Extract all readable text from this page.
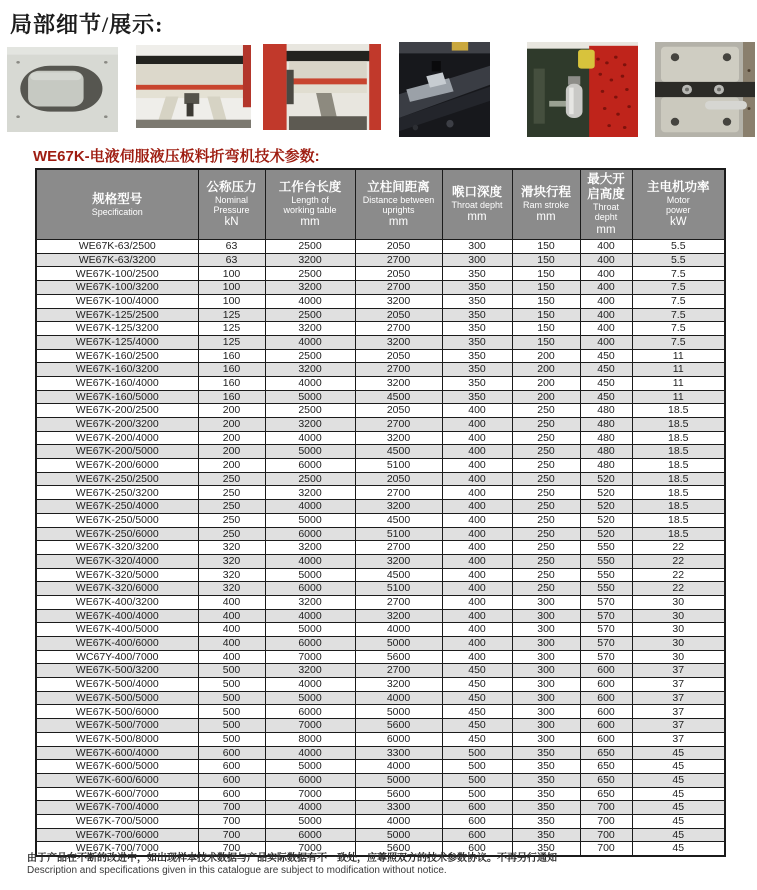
局部细节/展示:
WE67K-电液伺服液压板料折弯机技术参数:
规格型号
Specification

公称压力
Nominal
Pressure
kN

工作台长度
Length of
working table
mm

立柱间距离
Distance between
uprights
mm

喉口深度
Throat depht
mm

滑块行程
Ram stroke
mm

最大开
启高度
Throat
depht
mm

主电机功率
Motor
power
kW

WE67K-63/2500	63	2500	2050	300	150	400	5.5
WE67K-63/3200	63	3200	2700	300	150	400	5.5
WE67K-100/2500	100	2500	2050	350	150	400	7.5
WE67K-100/3200	100	3200	2700	350	150	400	7.5
WE67K-100/4000	100	4000	3200	350	150	400	7.5
WE67K-125/2500	125	2500	2050	350	150	400	7.5
WE67K-125/3200	125	3200	2700	350	150	400	7.5
WE67K-125/4000	125	4000	3200	350	150	400	7.5
WE67K-160/2500	160	2500	2050	350	200	450	11
WE67K-160/3200	160	3200	2700	350	200	450	11
WE67K-160/4000	160	4000	3200	350	200	450	11
WE67K-160/5000	160	5000	4500	350	200	450	11
WE67K-200/2500	200	2500	2050	400	250	480	18.5
WE67K-200/3200	200	3200	2700	400	250	480	18.5
WE67K-200/4000	200	4000	3200	400	250	480	18.5
WE67K-200/5000	200	5000	4500	400	250	480	18.5
WE67K-200/6000	200	6000	5100	400	250	480	18.5
WE67K-250/2500	250	2500	2050	400	250	520	18.5
WE67K-250/3200	250	3200	2700	400	250	520	18.5
WE67K-250/4000	250	4000	3200	400	250	520	18.5
WE67K-250/5000	250	5000	4500	400	250	520	18.5
WE67K-250/6000	250	6000	5100	400	250	520	18.5
WE67K-320/3200	320	3200	2700	400	250	550	22
WE67K-320/4000	320	4000	3200	400	250	550	22
WE67K-320/5000	320	5000	4500	400	250	550	22
WE67K-320/6000	320	6000	5100	400	250	550	22
WE67K-400/3200	400	3200	2700	400	300	570	30
WE67K-400/4000	400	4000	3200	400	300	570	30
WE67K-400/5000	400	5000	4000	400	300	570	30
WE67K-400/6000	400	6000	5000	400	300	570	30
WC67Y-400/7000	400	7000	5600	400	300	570	30
WE67K-500/3200	500	3200	2700	450	300	600	37
WE67K-500/4000	500	4000	3200	450	300	600	37
WE67K-500/5000	500	5000	4000	450	300	600	37
WE67K-500/6000	500	6000	5000	450	300	600	37
WE67K-500/7000	500	7000	5600	450	300	600	37
WE67K-500/8000	500	8000	6000	450	300	600	37
WE67K-600/4000	600	4000	3300	500	350	650	45
WE67K-600/5000	600	5000	4000	500	350	650	45
WE67K-600/6000	600	6000	5000	500	350	650	45
WE67K-600/7000	600	7000	5600	500	350	650	45
WE67K-700/4000	700	4000	3300	600	350	700	45
WE67K-700/5000	700	5000	4000	600	350	700	45
WE67K-700/6000	700	6000	5000	600	350	700	45
WE67K-700/7000	700	7000	5600	600	350	700	45
由于产品在不断的改进中，如出现样本技术数据与产品实际数据有不一致处，应尊照双方的技术参数协议。不再另行通知
Description and specifications given in this catalogue are subject to modification without notice.
